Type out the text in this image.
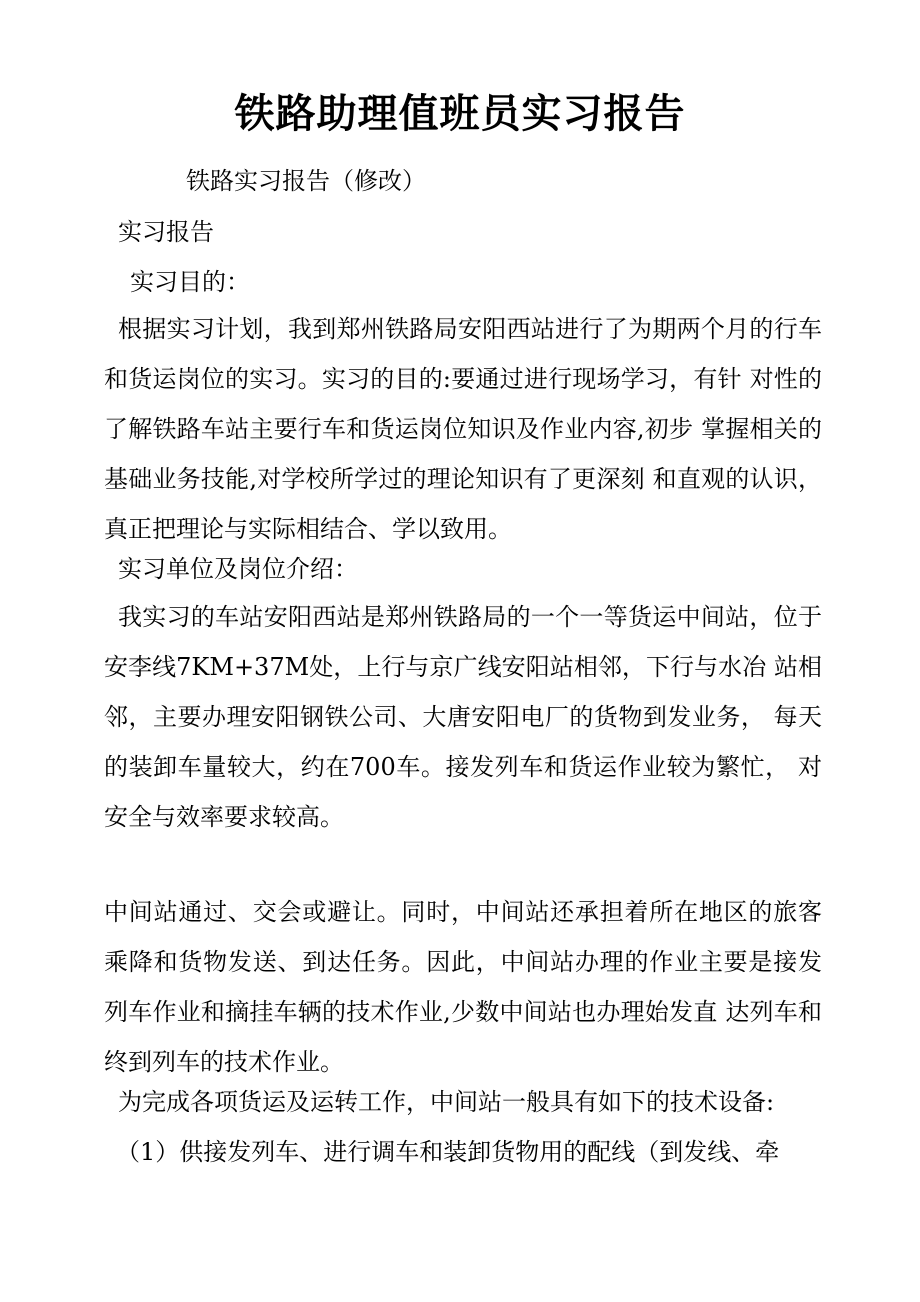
铁路助理值班员实习报告
铁路实习报告（修改）
实习报告
实习目的：
根据实习计划，我到郑州铁路局安阳西站进行了为期两个月的行车和货运岗位的实习。实习的目的:要通过进行现场学习，有针 对性的了解铁路车站主要行车和货运岗位知识及作业内容,初步 掌握相关的基础业务技能,对学校所学过的理论知识有了更深刻 和直观的认识，真正把理论与实际相结合、学以致用。
实习单位及岗位介绍：
我实习的车站安阳西站是郑州铁路局的一个一等货运中间站，位于安李线7KM+37M处，上行与京广线安阳站相邻，下行与水冶 站相邻，主要办理安阳钢铁公司、大唐安阳电厂的货物到发业务， 每天的装卸车量较大，约在700车。接发列车和货运作业较为繁忙， 对安全与效率要求较高。
中间站通过、交会或避让。同时，中间站还承担着所在地区的旅客乘降和货物发送、到达任务。因此，中间站办理的作业主要是接发列车作业和摘挂车辆的技术作业,少数中间站也办理始发直 达列车和终到列车的技术作业。
为完成各项货运及运转工作，中间站一般具有如下的技术设备:
（1）供接发列车、进行调车和装卸货物用的配线（到发线、牵
